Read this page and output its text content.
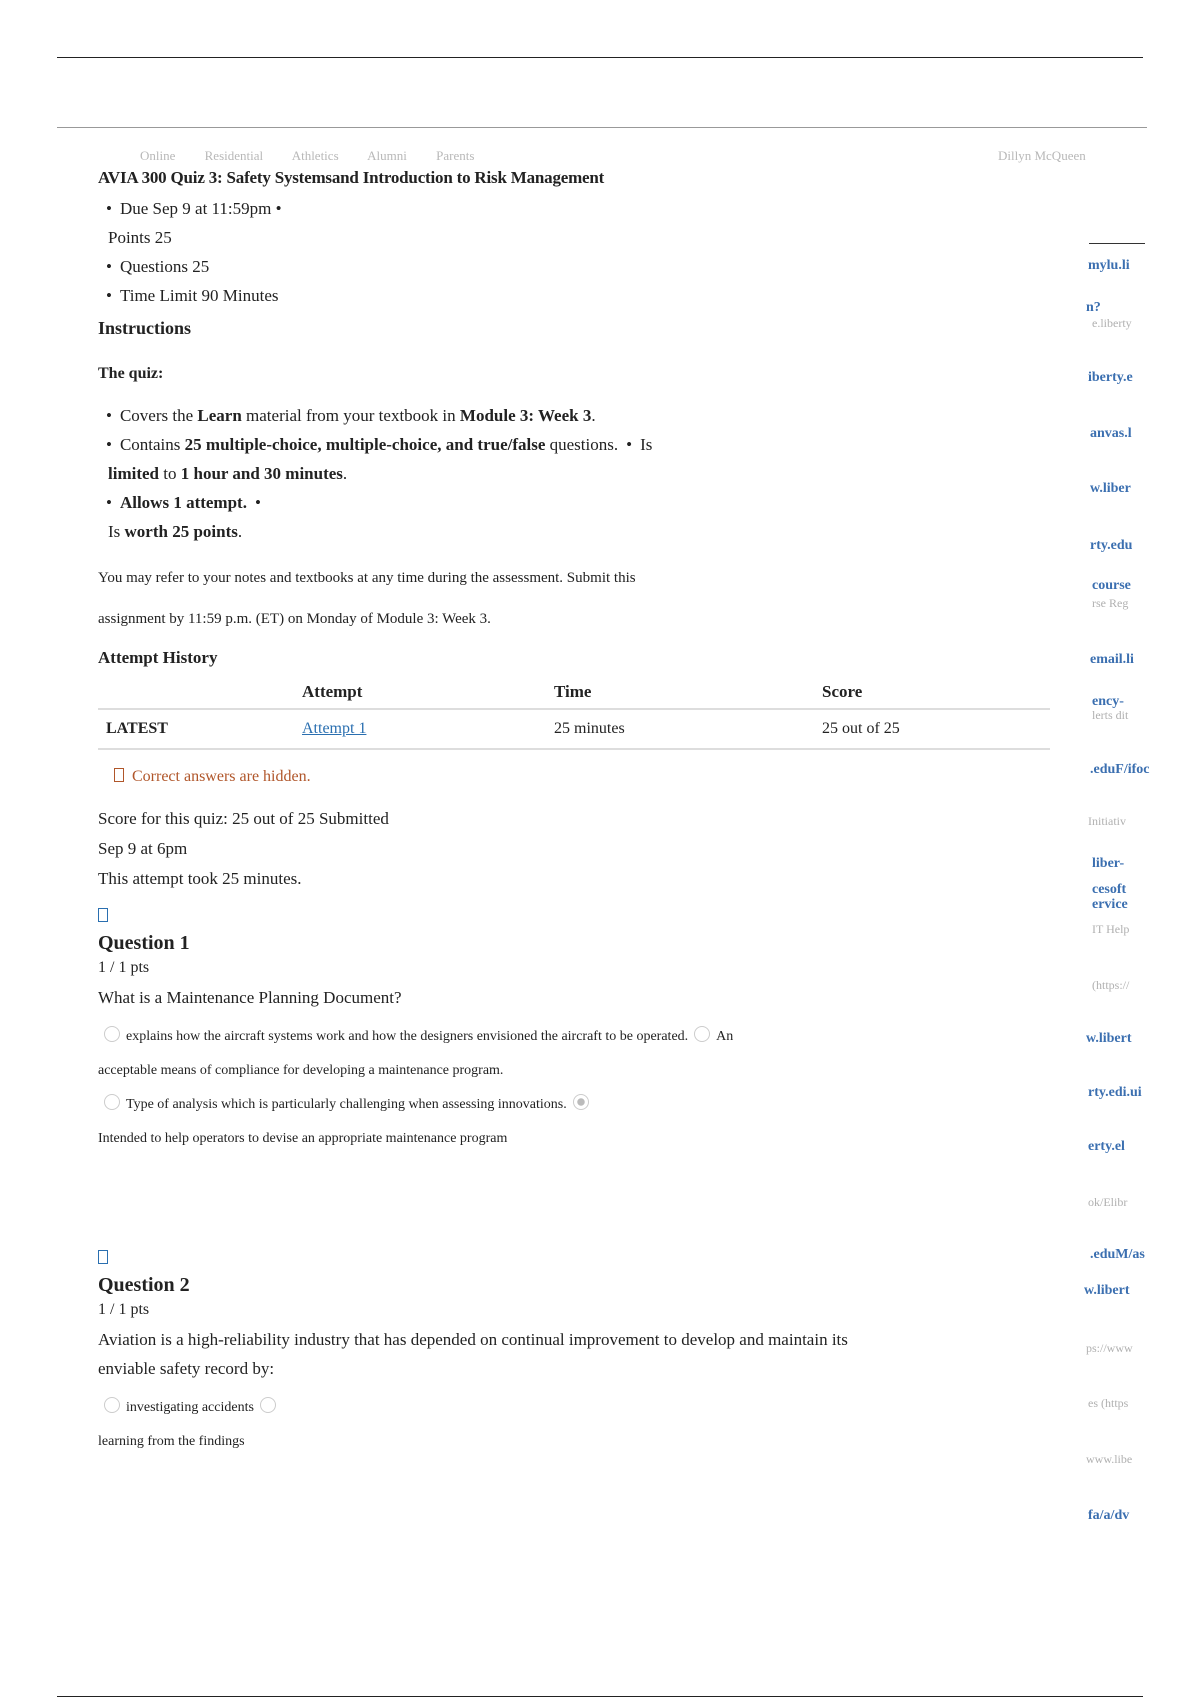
Online Residential Athletics Alumni Parents	Dillyn McQueen
AVIA 300 Quiz 3: Safety Systemsand Introduction to Risk Management
• Due Sep 9 at 11:59pm •
Points 25
• Questions 25
• Time Limit 90 Minutes
Instructions
The quiz:
• Covers the Learn material from your textbook in Module 3: Week 3.
• Contains 25 multiple-choice, multiple-choice, and true/false questions. • Is
limited to 1 hour and 30 minutes.
• Allows 1 attempt.•
Is worth 25 points.
You may refer to your notes and textbooks at any time during the assessment. Submit this
assignment by 11:59 p.m. (ET) on Monday of Module 3: Week 3.
Attempt History
	Attempt	Time	Score
LATEST	Attempt 1	25 minutes	25 out of 25
Correct answers are hidden.
Score for this quiz: 25 out of 25 Submitted
Sep 9 at 6pm
This attempt took 25 minutes.
Question 1
1 / 1 pts
What is a Maintenance Planning Document?
explains how the aircraft systems work and how the designers envisioned the aircraft to be operated. An
acceptable means of compliance for developing a maintenance program.
Type of analysis which is particularly challenging when assessing innovations.
Intended to help operators to devise an appropriate maintenance program
Question 2
1 / 1 pts
Aviation is a high-reliability industry that has depended on continual improvement to develop and maintain its
enviable safety record by:
investigating accidents
learning from the findings
mylu.li
n?
e.liberty
iberty.e
anvas.l
w.liber
rty.edu
course
rse Reg
email.li
ency-
lerts dit
.eduF/ifoc
Initiativ
liber-
cesoft
ervice
IT Help
(https://
w.libert
rty.edi.ui
erty.el
ok/Elibr
.eduM/as
w.libert
ps://www
es (https
www.libe
fa/a/dv
